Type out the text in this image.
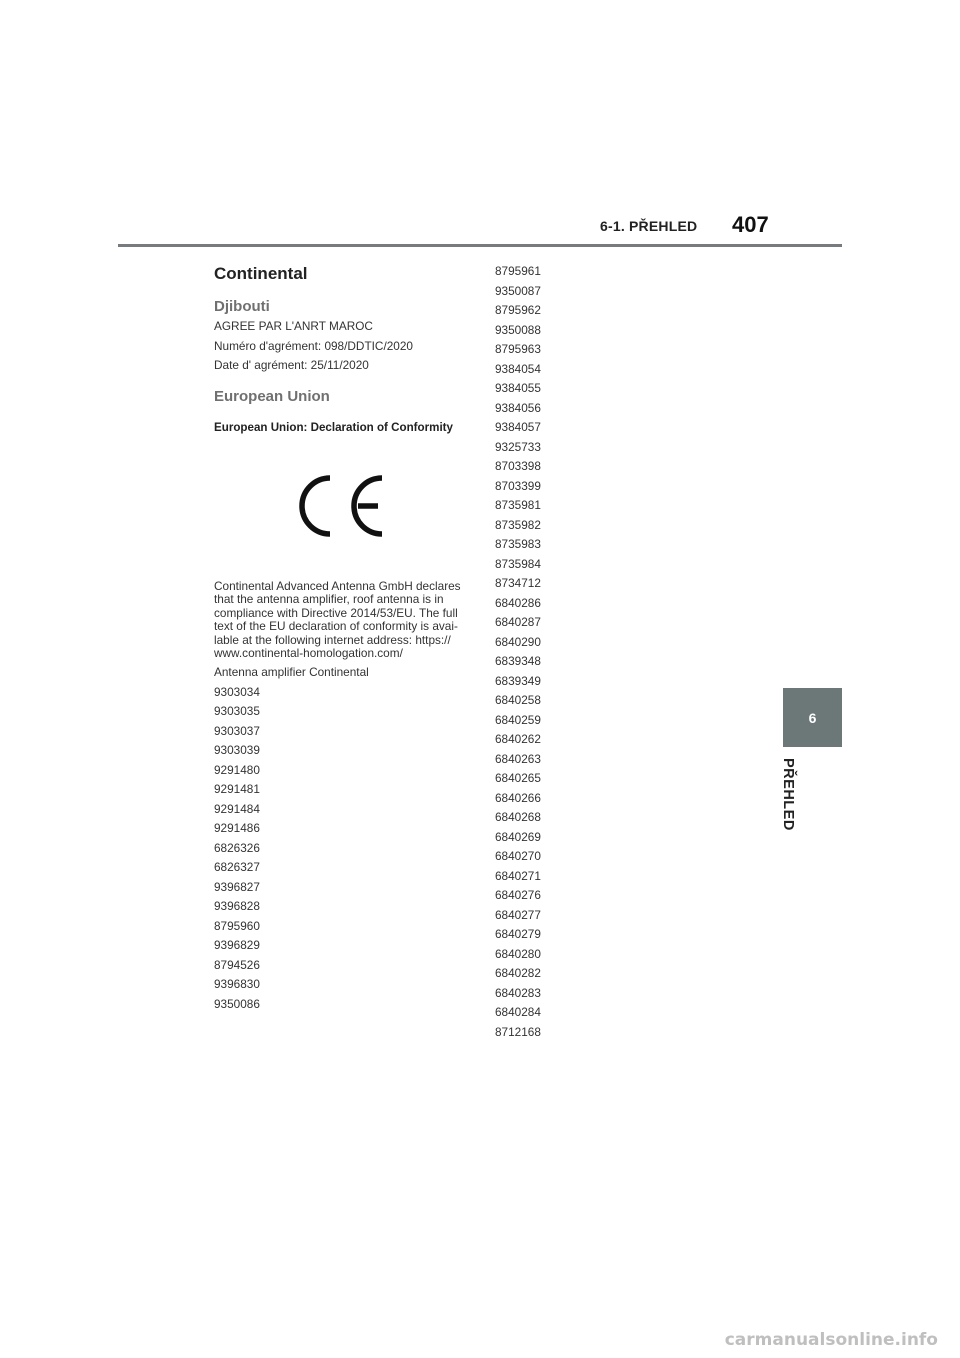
6-1. PŘEHLED 407
Continental
Djibouti
AGREE PAR L'ANRT MAROC
Numéro d'agrément: 098/DDTIC/2020
Date d' agrément: 25/11/2020
European Union
European Union: Declaration of Conformity
Continental Advanced Antenna GmbH declares
that the antenna amplifier, roof antenna is in
compliance with Directive 2014/53/EU. The full
text of the EU declaration of conformity is avai-
lable at the following internet address: https://
www.continental-homologation.com/
Antenna amplifier Continental
9303034
9303035
9303037
9303039
9291480
9291481
9291484
9291486
6826326
6826327
9396827
9396828
8795960
9396829
8794526
9396830
9350086
8795961
9350087
8795962
9350088
8795963
9384054
9384055
9384056
9384057
9325733
8703398
8703399
8735981
8735982
8735983
8735984
8734712
6840286
6840287
6840290
6839348
6839349
6840258
6840259
6840262
6840263
6840265
6840266
6840268
6840269
6840270
6840271
6840276
6840277
6840279
6840280
6840282
6840283
6840284
8712168
6
PŘEHLED
carmanualsonline.info
